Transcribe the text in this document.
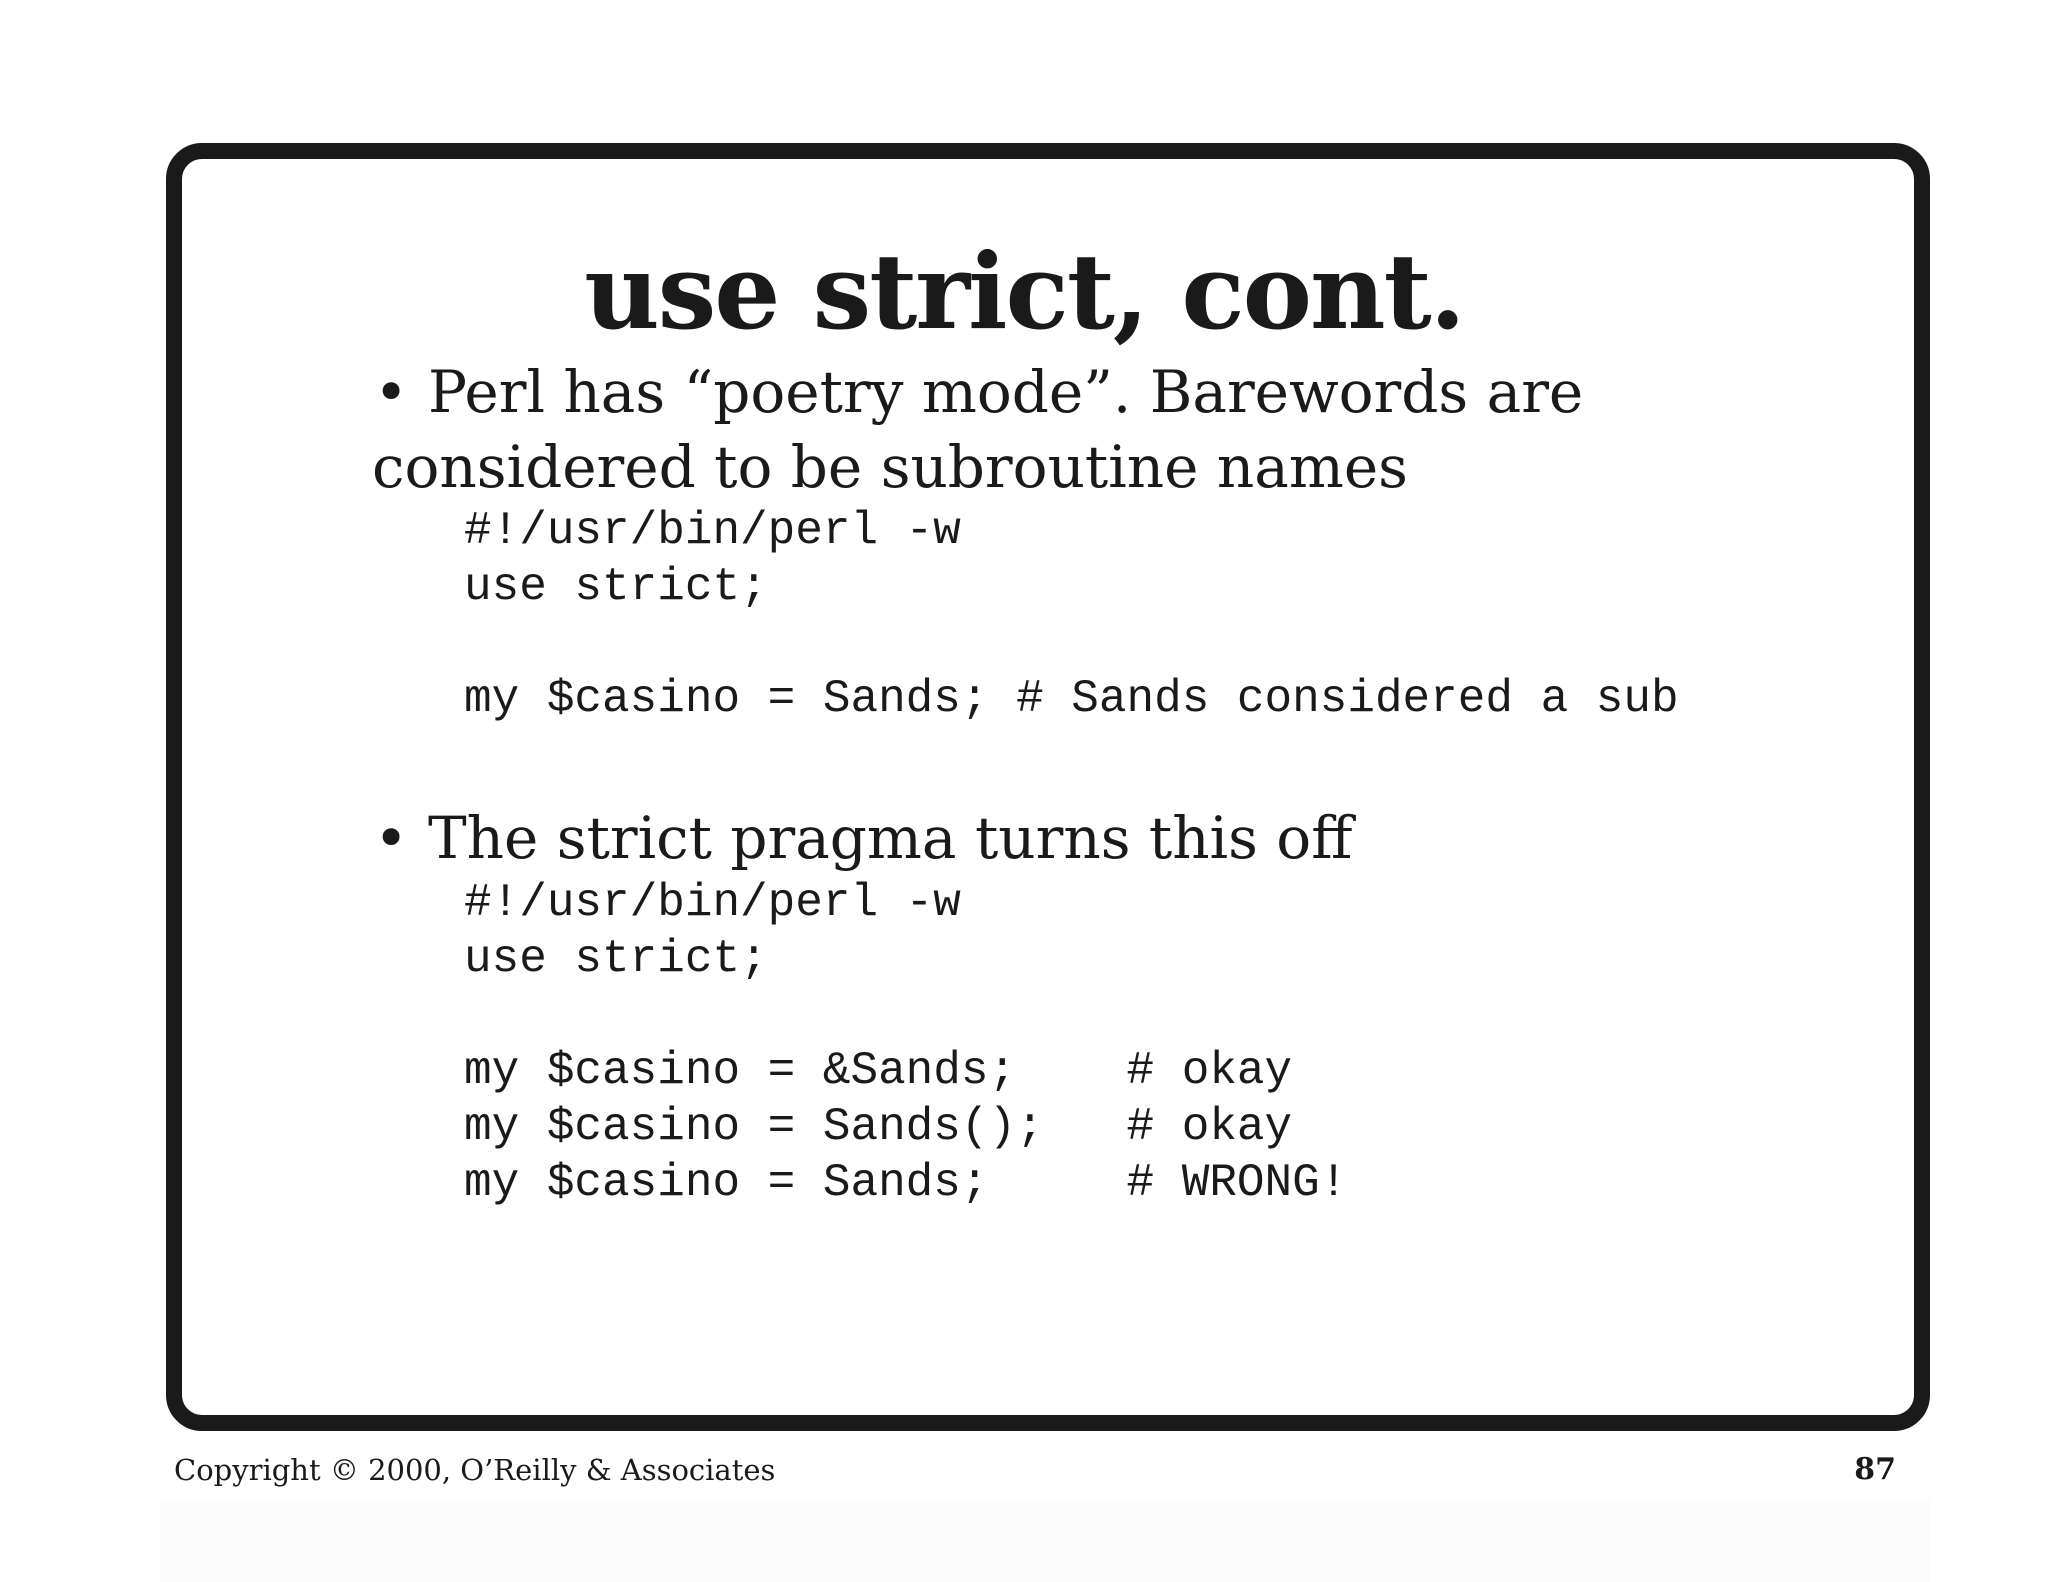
use strict, cont.

• Perl has “poetry mode”. Barewords are

considered to be subroutine names

#!/usr/bin/perl -w
use strict;
my $casino = Sands; # Sands considered a sub

• The strict pragma turns this off

#!/usr/bin/perl -w
use strict;
my $casino = &Sands;    # okay
my $casino = Sands();   # okay
my $casino = Sands;     # WRONG!

Copyright © 2000, O’Reilly & Associates	87
